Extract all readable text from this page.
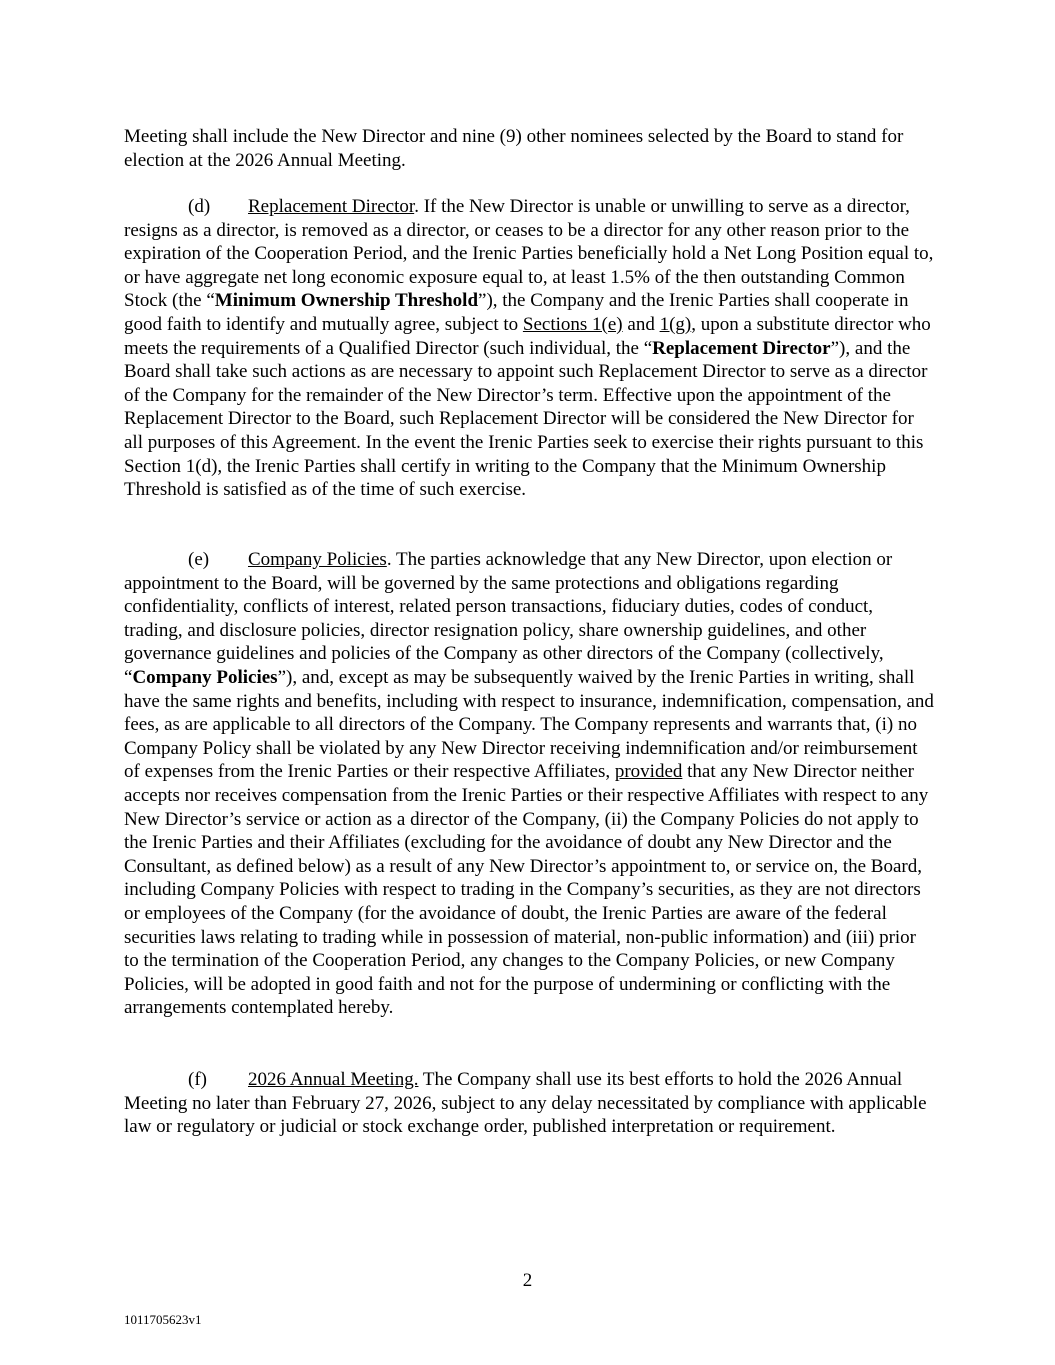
Meeting shall include the New Director and nine (9) other nominees selected by the Board to stand for election at the 2026 Annual Meeting.

(d) Replacement Director. If the New Director is unable or unwilling to serve as a director, resigns as a director, is removed as a director, or ceases to be a director for any other reason prior to the expiration of the Cooperation Period, and the Irenic Parties beneficially hold a Net Long Position equal to, or have aggregate net long economic exposure equal to, at least 1.5% of the then outstanding Common Stock (the “Minimum Ownership Threshold”), the Company and the Irenic Parties shall cooperate in good faith to identify and mutually agree, subject to Sections 1(e) and 1(g), upon a substitute director who meets the requirements of a Qualified Director (such individual, the “Replacement Director”), and the Board shall take such actions as are necessary to appoint such Replacement Director to serve as a director of the Company for the remainder of the New Director’s term. Effective upon the appointment of the Replacement Director to the Board, such Replacement Director will be considered the New Director for all purposes of this Agreement. In the event the Irenic Parties seek to exercise their rights pursuant to this Section 1(d), the Irenic Parties shall certify in writing to the Company that the Minimum Ownership Threshold is satisfied as of the time of such exercise.

(e) Company Policies. The parties acknowledge that any New Director, upon election or appointment to the Board, will be governed by the same protections and obligations regarding confidentiality, conflicts of interest, related person transactions, fiduciary duties, codes of conduct, trading, and disclosure policies, director resignation policy, share ownership guidelines, and other governance guidelines and policies of the Company as other directors of the Company (collectively, “Company Policies”), and, except as may be subsequently waived by the Irenic Parties in writing, shall have the same rights and benefits, including with respect to insurance, indemnification, compensation, and fees, as are applicable to all directors of the Company. The Company represents and warrants that, (i) no Company Policy shall be violated by any New Director receiving indemnification and/or reimbursement of expenses from the Irenic Parties or their respective Affiliates, provided that any New Director neither accepts nor receives compensation from the Irenic Parties or their respective Affiliates with respect to any New Director’s service or action as a director of the Company, (ii) the Company Policies do not apply to the Irenic Parties and their Affiliates (excluding for the avoidance of doubt any New Director and the Consultant, as defined below) as a result of any New Director’s appointment to, or service on, the Board, including Company Policies with respect to trading in the Company’s securities, as they are not directors or employees of the Company (for the avoidance of doubt, the Irenic Parties are aware of the federal securities laws relating to trading while in possession of material, non-public information) and (iii) prior to the termination of the Cooperation Period, any changes to the Company Policies, or new Company Policies, will be adopted in good faith and not for the purpose of undermining or conflicting with the arrangements contemplated hereby.

(f) 2026 Annual Meeting. The Company shall use its best efforts to hold the 2026 Annual Meeting no later than February 27, 2026, subject to any delay necessitated by compliance with applicable law or regulatory or judicial or stock exchange order, published interpretation or requirement.

2
1011705623v1
